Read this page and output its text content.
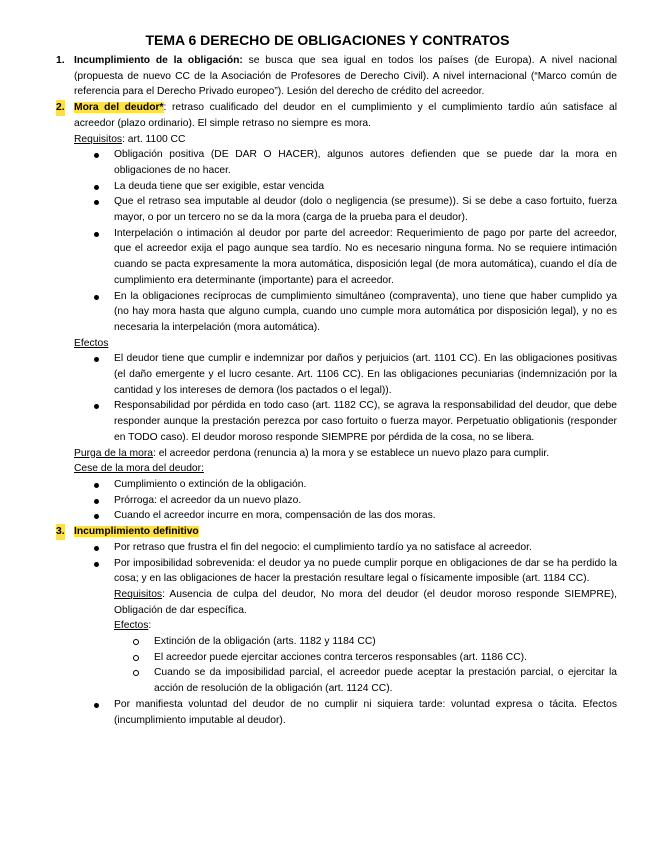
TEMA 6 DERECHO DE OBLIGACIONES Y CONTRATOS
1. Incumplimiento de la obligación: se busca que sea igual en todos los países (de Europa). A nivel nacional (propuesta de nuevo CC de la Asociación de Profesores de Derecho Civil). A nivel internacional (“Marco común de referencia para el Derecho Privado europeo”). Lesión del derecho de crédito del acreedor.
2. Mora del deudor*: retraso cualificado del deudor en el cumplimiento y el cumplimiento tardío aún satisface al acreedor (plazo ordinario). El simple retraso no siempre es mora.
Requisitos: art. 1100 CC
Obligación positiva (DE DAR O HACER), algunos autores defienden que se puede dar la mora en obligaciones de no hacer.
La deuda tiene que ser exigible, estar vencida
Que el retraso sea imputable al deudor (dolo o negligencia (se presume)). Si se debe a caso fortuito, fuerza mayor, o por un tercero no se da la mora (carga de la prueba para el deudor).
Interpelación o intimación al deudor por parte del acreedor: Requerimiento de pago por parte del acreedor, que el acreedor exija el pago aunque sea tardío. No es necesario ninguna forma. No se requiere intimación cuando se pacta expresamente la mora automática, disposición legal (de mora automática), cuando el día de cumplimiento era determinante (importante) para el acreedor.
En la obligaciones recíprocas de cumplimiento simultáneo (compraventa), uno tiene que haber cumplido ya (no hay mora hasta que alguno cumpla, cuando uno cumple mora automática por disposición legal), y no es necesaria la interpelación (mora automática).
Efectos
El deudor tiene que cumplir e indemnizar por daños y perjuicios (art. 1101 CC). En las obligaciones positivas (el daño emergente y el lucro cesante. Art. 1106 CC). En las obligaciones pecuniarias (indemnización por la cantidad y los intereses de demora (los pactados o el legal)).
Responsabilidad por pérdida en todo caso (art. 1182 CC), se agrava la responsabilidad del deudor, que debe responder aunque la prestación perezca por caso fortuito o fuerza mayor. Perpetuatio obligationis (responder en TODO caso). El deudor moroso responde SIEMPRE por pérdida de la cosa, no se libera.
Purga de la mora: el acreedor perdona (renuncia a) la mora y se establece un nuevo plazo para cumplir.
Cese de la mora del deudor:
Cumplimiento o extinción de la obligación.
Prórroga: el acreedor da un nuevo plazo.
Cuando el acreedor incurre en mora, compensación de las dos moras.
3. Incumplimiento definitivo
Por retraso que frustra el fin del negocio: el cumplimiento tardío ya no satisface al acreedor.
Por imposibilidad sobrevenida: el deudor ya no puede cumplir porque en obligaciones de dar se ha perdido la cosa; y en las obligaciones de hacer la prestación resultare legal o físicamente imposible (art. 1184 CC).
Requisitos: Ausencia de culpa del deudor, No mora del deudor (el deudor moroso responde SIEMPRE), Obligación de dar específica.
Efectos:
Extinción de la obligación (arts. 1182 y 1184 CC)
El acreedor puede ejercitar acciones contra terceros responsables (art. 1186 CC).
Cuando se da imposibilidad parcial, el acreedor puede aceptar la prestación parcial, o ejercitar la acción de resolución de la obligación (art. 1124 CC).
Por manifiesta voluntad del deudor de no cumplir ni siquiera tarde: voluntad expresa o tácita. Efectos (incumplimiento imputable al deudor).
